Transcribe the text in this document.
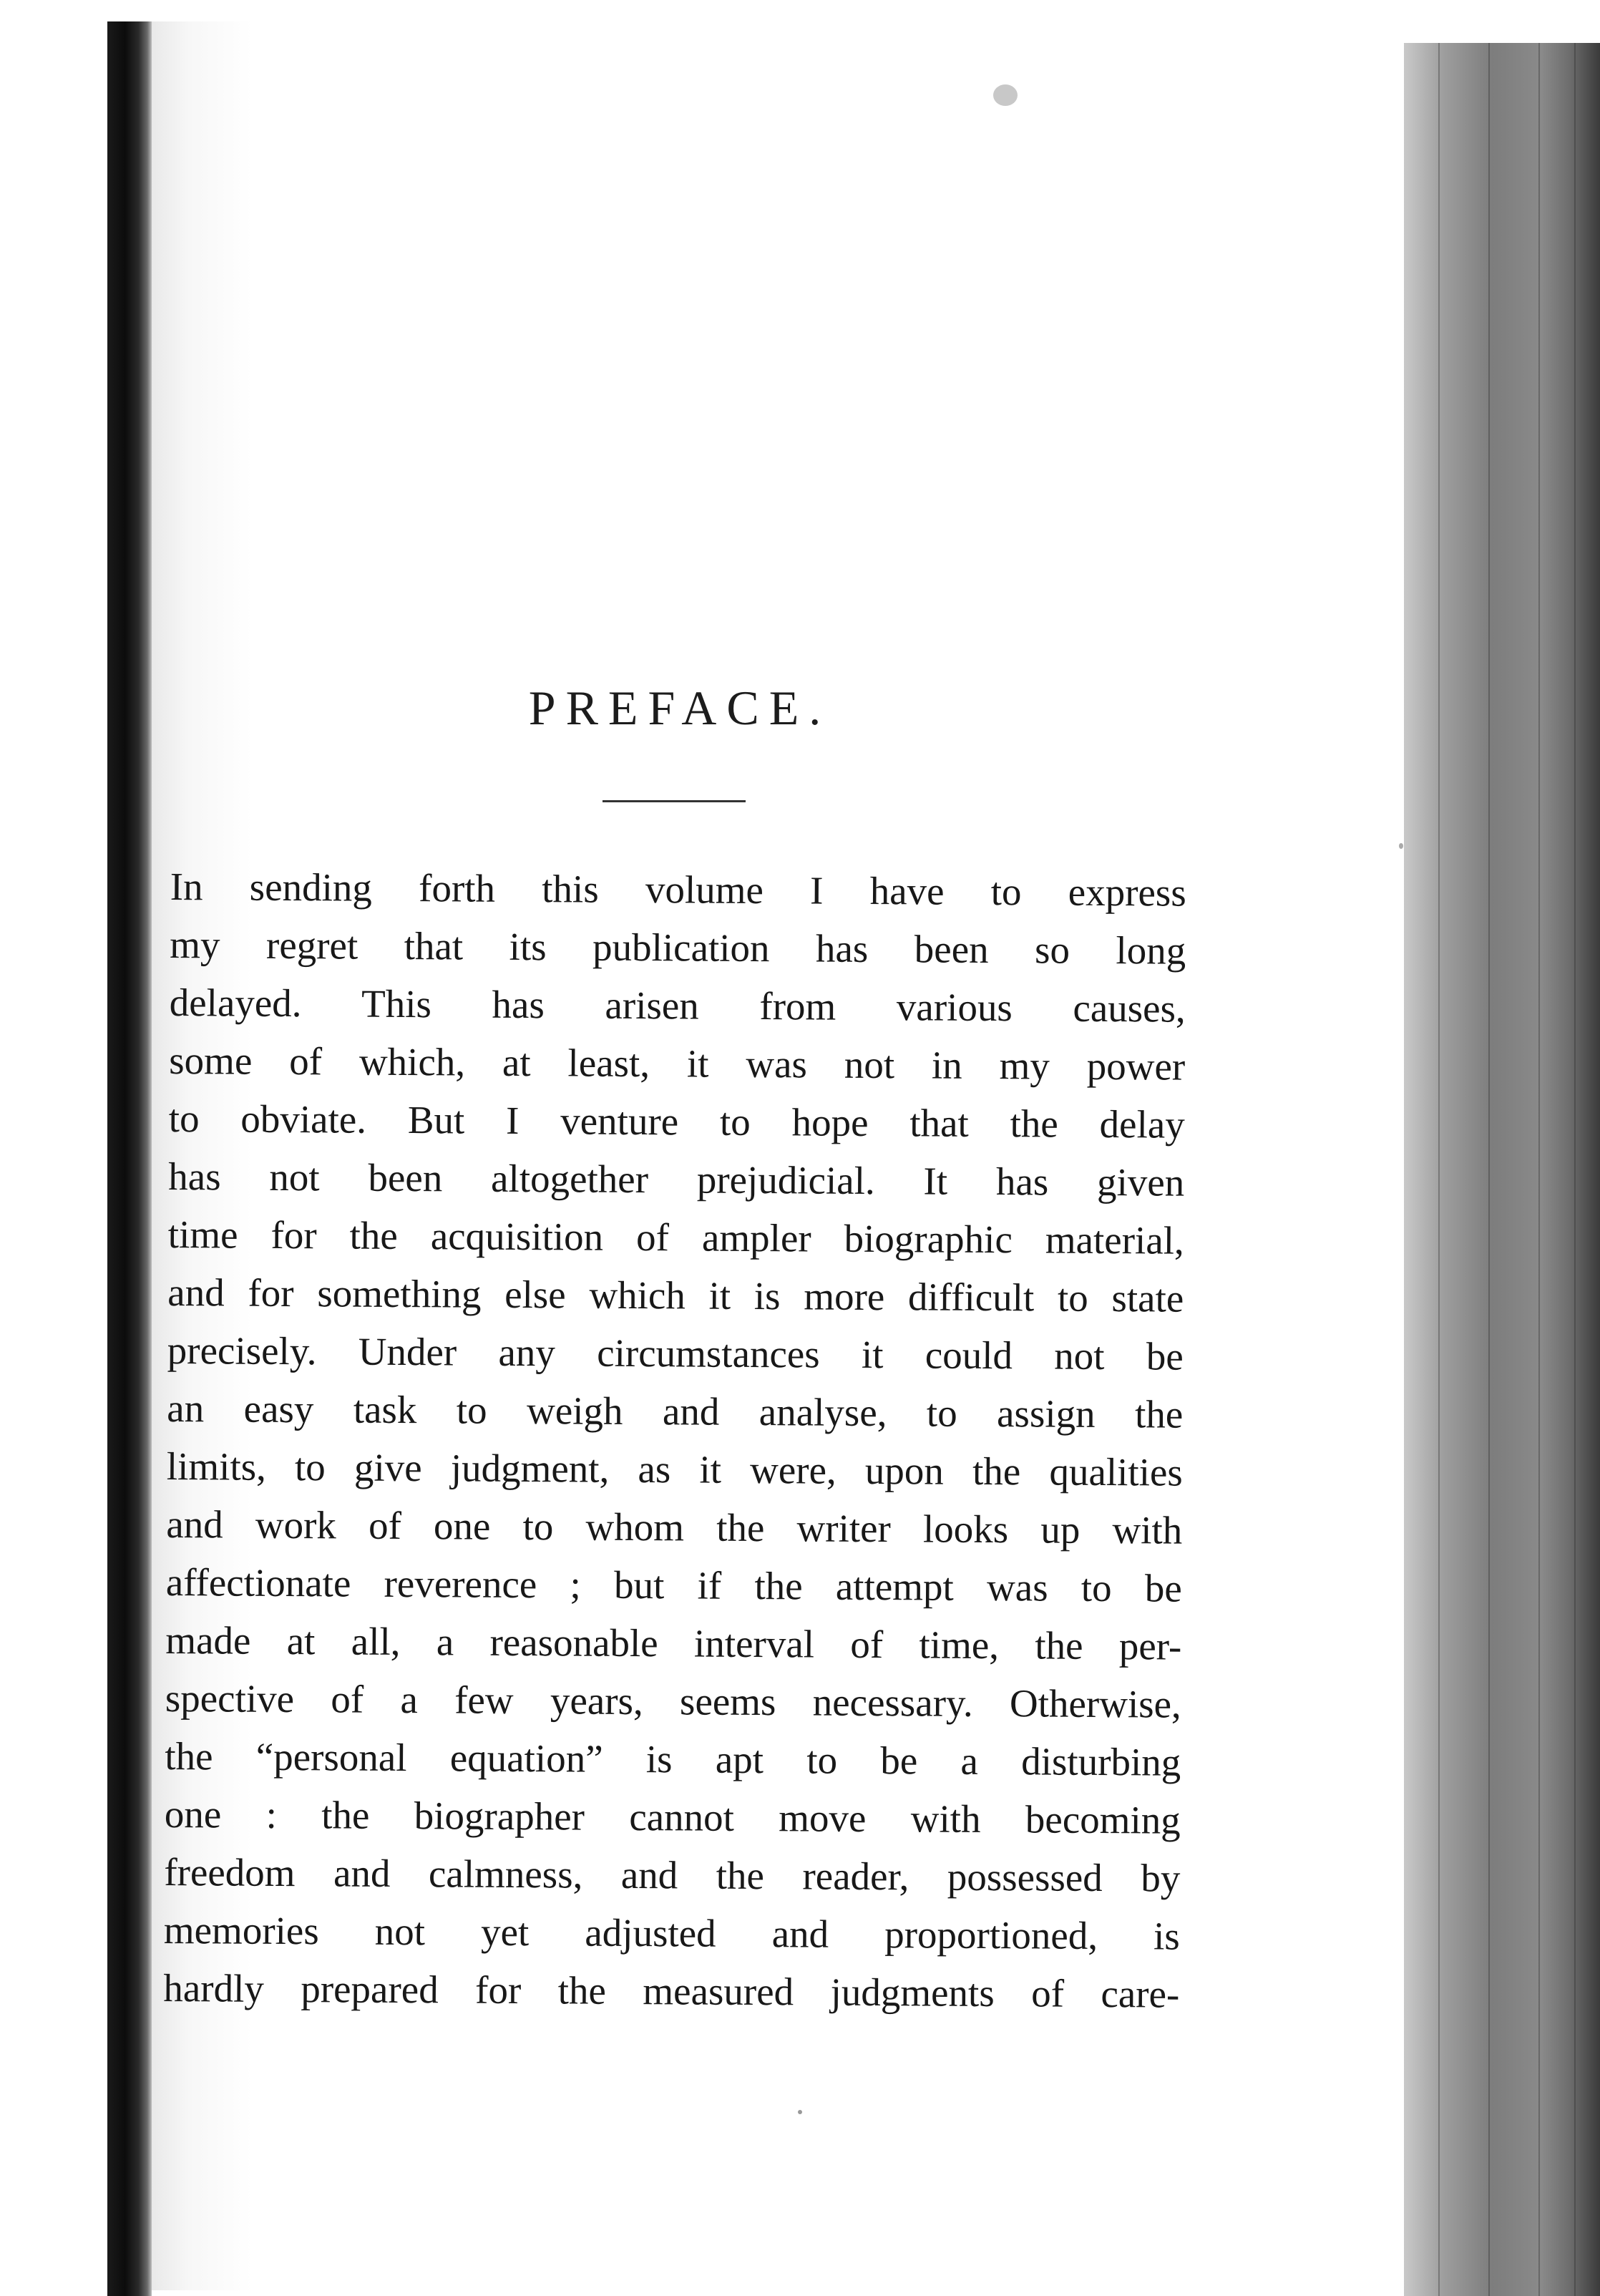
PREFACE.
In sending forth this volume I have to express
my regret that its publication has been so long
delayed. This has arisen from various causes,
some of which, at least, it was not in my power
to obviate. But I venture to hope that the delay
has not been altogether prejudicial. It has given
time for the acquisition of ampler biographic material,
and for something else which it is more difficult to state
precisely. Under any circumstances it could not be
an easy task to weigh and analyse, to assign the
limits, to give judgment, as it were, upon the qualities
and work of one to whom the writer looks up with
affectionate reverence ; but if the attempt was to be
made at all, a reasonable interval of time, the per-
spective of a few years, seems necessary. Otherwise,
the “personal equation” is apt to be a disturbing
one : the biographer cannot move with becoming
freedom and calmness, and the reader, possessed by
memories not yet adjusted and proportioned, is
hardly prepared for the measured judgments of care-
